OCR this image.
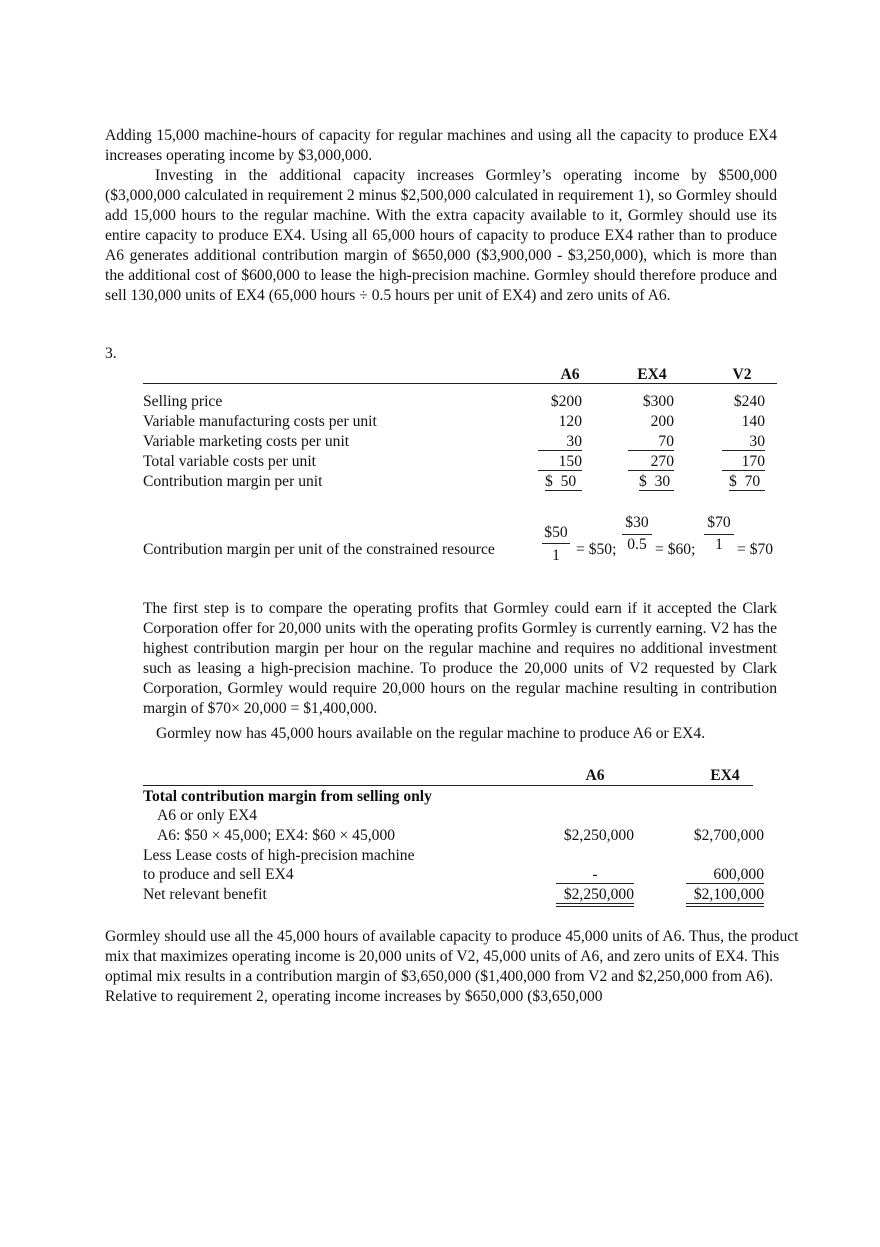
Adding 15,000 machine-hours of capacity for regular machines and using all the capacity to produce EX4 increases operating income by $3,000,000.
Investing in the additional capacity increases Gormley’s operating income by $500,000 ($3,000,000 calculated in requirement 2 minus $2,500,000 calculated in requirement 1), so Gormley should add 15,000 hours to the regular machine. With the extra capacity available to it, Gormley should use its entire capacity to produce EX4. Using all 65,000 hours of capacity to produce EX4 rather than to produce A6 generates additional contribution margin of $650,000 ($3,900,000 - $3,250,000), which is more than the additional cost of $600,000 to lease the high-precision machine. Gormley should therefore produce and sell 130,000 units of EX4 (65,000 hours ÷ 0.5 hours per unit of EX4) and zero units of A6.
3.
A6	EX4	V2
Selling price	$200	$300	$240
Variable manufacturing costs per unit	120	200	140
Variable marketing costs per unit	30	70	30
Total variable costs per unit	150	270	170
Contribution margin per unit	$  50	$  30	$  70
Contribution margin per unit of the constrained resource
$50
1	= $50;
$30
0.5 = $60;
$70
1 = $70
The first step is to compare the operating profits that Gormley could earn if it accepted the Clark Corporation offer for 20,000 units with the operating profits Gormley is currently earning. V2 has the highest contribution margin per hour on the regular machine and requires no additional investment such as leasing a high-precision machine. To produce the 20,000 units of V2 requested by Clark Corporation, Gormley would require 20,000 hours on the regular machine resulting in contribution margin of $70× 20,000 = $1,400,000.
Gormley now has 45,000 hours available on the regular machine to produce A6 or EX4.
A6	EX4
Total contribution margin from selling only
A6 or only EX4
A6: $50 × 45,000; EX4: $60 × 45,000	$2,250,000	$2,700,000
Less Lease costs of high-precision machine
to produce and sell EX4	-	600,000
Net relevant benefit	$2,250,000	$2,100,000
Gormley should use all the 45,000 hours of available capacity to produce 45,000 units of A6. Thus, the product mix that maximizes operating income is 20,000 units of V2, 45,000 units of A6, and zero units of EX4. This optimal mix results in a contribution margin of $3,650,000 ($1,400,000 from V2 and $2,250,000 from A6). Relative to requirement 2, operating income increases by $650,000 ($3,650,000
